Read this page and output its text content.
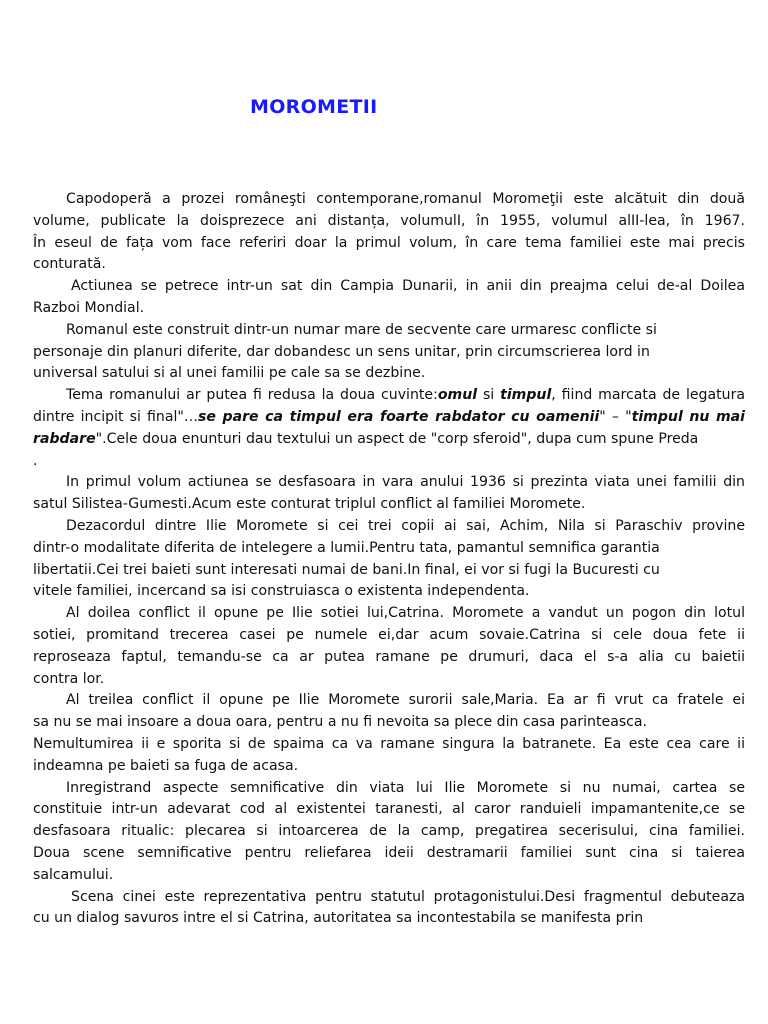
MOROMETII
Capodoperă a prozei româneşti contemporane,romanul Moromeţii este alcătuit din două
volume, publicate la doisprezece ani distanța, volumulI, în 1955, volumul alII-lea, în 1967.
În eseul de fața vom face referiri doar la primul volum, în care tema familiei este mai precis
conturată.
Actiunea se petrece intr-un sat din Campia Dunarii, in anii din preajma celui de-al Doilea
Razboi Mondial.
Romanul este construit dintr-un numar mare de secvente care urmaresc conflicte si
personaje din planuri diferite, dar dobandesc un sens unitar, prin circumscrierea lord in
universal satului si al unei familii pe cale sa se dezbine.
Tema romanului ar putea fi redusa la doua cuvinte:omul si timpul, fiind marcata de legatura
dintre incipit si final"…se pare ca timpul era foarte rabdator cu oamenii" – "timpul nu mai
rabdare".Cele doua enunturi dau textului un aspect de "corp sferoid", dupa cum spune Preda
.
In primul volum actiunea se desfasoara in vara anului 1936 si prezinta viata unei familii din
satul Silistea-Gumesti.Acum este conturat triplul conflict al familiei Moromete.
Dezacordul dintre Ilie Moromete si cei trei copii ai sai, Achim, Nila si Paraschiv provine
dintr-o modalitate diferita de intelegere a lumii.Pentru tata, pamantul semnifica garantia
libertatii.Cei trei baieti sunt interesati numai de bani.In final, ei vor si fugi la Bucuresti cu
vitele familiei, incercand sa isi construiasca o existenta independenta.
Al doilea conflict il opune pe Ilie sotiei lui,Catrina. Moromete a vandut un pogon din lotul
sotiei, promitand trecerea casei pe numele ei,dar acum sovaie.Catrina si cele doua fete ii
reproseaza faptul, temandu-se ca ar putea ramane pe drumuri, daca el s-a alia cu baietii
contra lor.
Al treilea conflict il opune pe Ilie Moromete surorii sale,Maria. Ea ar fi vrut ca fratele ei
sa nu se mai insoare a doua oara, pentru a nu fi nevoita sa plece din casa parinteasca.
Nemultumirea ii e sporita si de spaima ca va ramane singura la batranete. Ea este cea care ii
indeamna pe baieti sa fuga de acasa.
Inregistrand aspecte semnificative din viata lui Ilie Moromete si nu numai, cartea se
constituie intr-un adevarat cod al existentei taranesti, al caror randuieli impamantenite,ce se
desfasoara ritualic: plecarea si intoarcerea de la camp, pregatirea secerisului, cina familiei.
Doua scene semnificative pentru reliefarea ideii destramarii familiei sunt cina si taierea
salcamului.
Scena cinei este reprezentativa pentru statutul protagonistului.Desi fragmentul debuteaza
cu un dialog savuros intre el si Catrina, autoritatea sa incontestabila se manifesta prin
